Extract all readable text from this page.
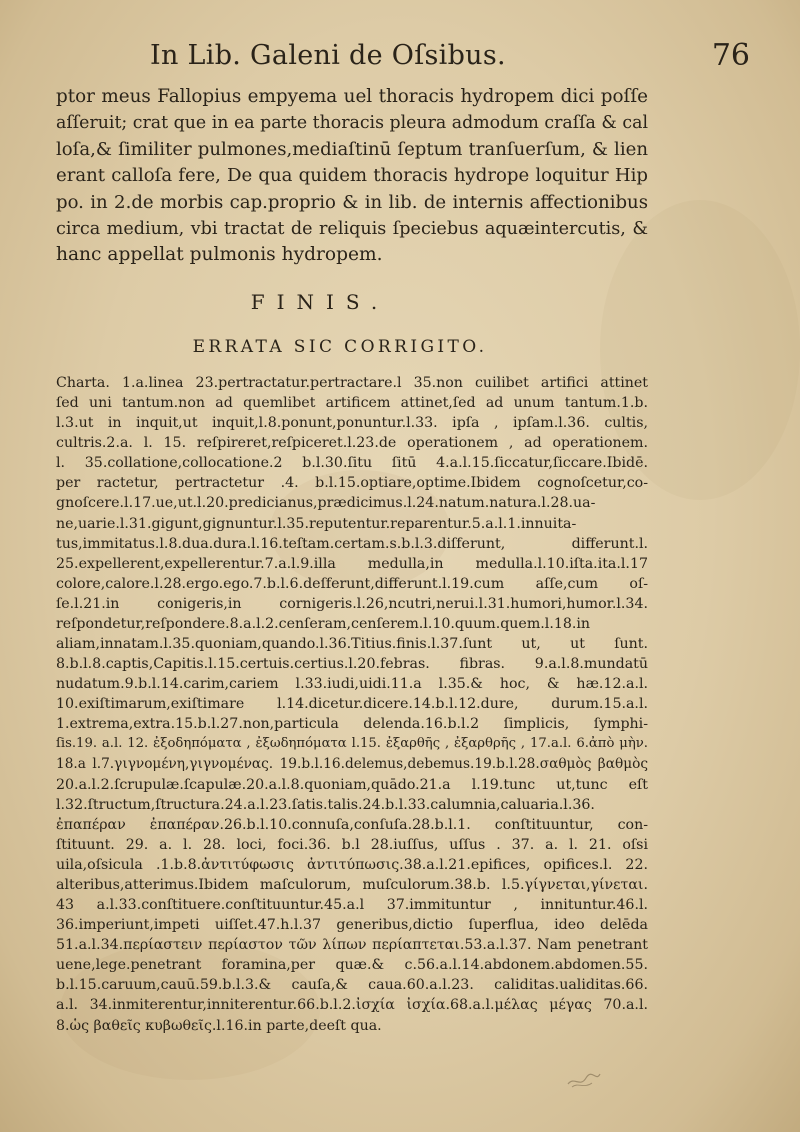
In Lib. Galeni de Oſsibus.	76
ptor meus Fallopius empyema uel thoracis hydropem dici poſſe
aſſeruit; crat que in ea parte thoracis pleura admodum craſſa & cal
loſa,& ſimiliter pulmones,mediaſtinū ſeptum tranſuerſum, & lien
erant calloſa fere, De qua quidem thoracis hydrope loquitur Hip
po. in 2.de morbis cap.proprio & in lib. de internis affectionibus
circa medium, vbi tractat de reliquis ſpeciebus aquæintercutis, &
hanc appellat pulmonis hydropem.
FINIS.
ERRATA SIC CORRIGITO.
Charta. 1.a.linea 23.pertractatur.pertractare.l 35.non cuilibet artifici attinet
ſed uni tantum.non ad quemlibet artificem attinet,ſed ad unum tantum.1.b.
l.3.ut in inquit,ut inquit,l.8.ponunt,ponuntur.l.33. ipſa , ipſam.l.36. cultis,
cultris.2.a. l. 15. reſpireret,reſpiceret.l.23.de operationem , ad operationem.
l. 35.collatione,collocatione.2 b.l.30.ſitu ſitū 4.a.l.15.ſiccatur,ſiccare.Ibidē.
per ractetur, pertractetur .4. b.l.15.optiare,optime.Ibidem cognoſcetur,co-
gnoſcere.l.17.ue,ut.l.20.predicianus,prædicimus.l.24.natum.natura.l.28.ua-
ne,uarie.l.31.gigunt,gignuntur.l.35.reputentur.reparentur.5.a.l.1.innuita-
tus,immitatus.l.8.dua.dura.l.16.teſtam.certam.s.b.l.3.diſferunt, differunt.l.
25.expellerent,expellerentur.7.a.l.9.illa medulla,in medulla.l.10.iſta.ita.l.17
colore,calore.l.28.ergo.ego.7.b.l.6.deſferunt,differunt.l.19.cum aſſe,cum oſ-
ſe.l.21.in conigeris,in cornigeris.l.26,ncutri,nerui.l.31.humori,humor.l.34.
reſpondetur,reſpondere.8.a.l.2.cenſeram,cenſerem.l.10.quum.quem.l.18.in
aliam,innatam.l.35.quoniam,quando.l.36.Titius.finis.l.37.ſunt ut, ut ſunt.
8.b.l.8.captis,Capitis.l.15.certuis.certius.l.20.febras. fibras. 9.a.l.8.mundatū
nudatum.9.b.l.14.carim,cariem l.33.iudi,uidi.11.a l.35.& hoc, & hæ.12.a.l.
10.exiſtimarum,exiſtimare l.14.dicetur.dicere.14.b.l.12.dure, durum.15.a.l.
1.extrema,extra.15.b.l.27.non,particula delenda.16.b.l.2 ſimplicis, ſymphi-
ſis.19. a.l. 12. ἐξοδηπόματα , ἐξωδηπόματα l.15. ἐξαρθῆς , ἐξαρθρῆς , 17.a.l. 6.ἀπὸ μὴν.
18.a l.7.γιγνομένη,γιγνομένας. 19.b.l.16.delemus,debemus.19.b.l.28.σαθμὸς βαθμὸς
20.a.l.2.ſcrupulæ.ſcapulæ.20.a.l.8.quoniam,quādo.21.a l.19.tunc ut,tunc eſt
l.32.ſtructum,ſtructura.24.a.l.23.ſatis.talis.24.b.l.33.calumnia,caluaria.l.36.
ἐπαπέραν ἐπαπέραν.26.b.l.10.connuſa,conſuſa.28.b.l.1. conſtituuntur, con-
ſtituunt. 29. a. l. 28. loci, foci.36. b.l 28.iuſſus, uſſus . 37. a. l. 21. oſsi
uila,oſsicula .1.b.8.ἀντιτύφωσις ἀντιτύπωσις.38.a.l.21.epifices, opifices.l. 22.
alteribus,atterimus.Ibidem maſculorum, muſculorum.38.b. l.5.γίγνεται,γίνεται.
43 a.l.33.conſtituere.conſtituuntur.45.a.l 37.immituntur , innituntur.46.l.
36.imperiunt,impeti uiſſet.47.h.l.37 generibus,dictio ſuperflua, ideo delēda
51.a.l.34.περίαστειν περίαστον τῶν λίπων περίαπτεται.53.a.l.37. Nam penetrant
uene,lege.penetrant foramina,per quæ.& c.56.a.l.14.abdonem.abdomen.55.
b.l.15.caruum,cauū.59.b.l.3.& cauſa,& caua.60.a.l.23. caliditas.ualiditas.66.
a.l. 34.inmiterentur,inniterentur.66.b.l.2.ἰσχία ἰσχία.68.a.l.μέλας μέγας 70.a.l.
8.ὡς βαθεῖς κυβωθεῖς.l.16.in parte,deeſt qua.
